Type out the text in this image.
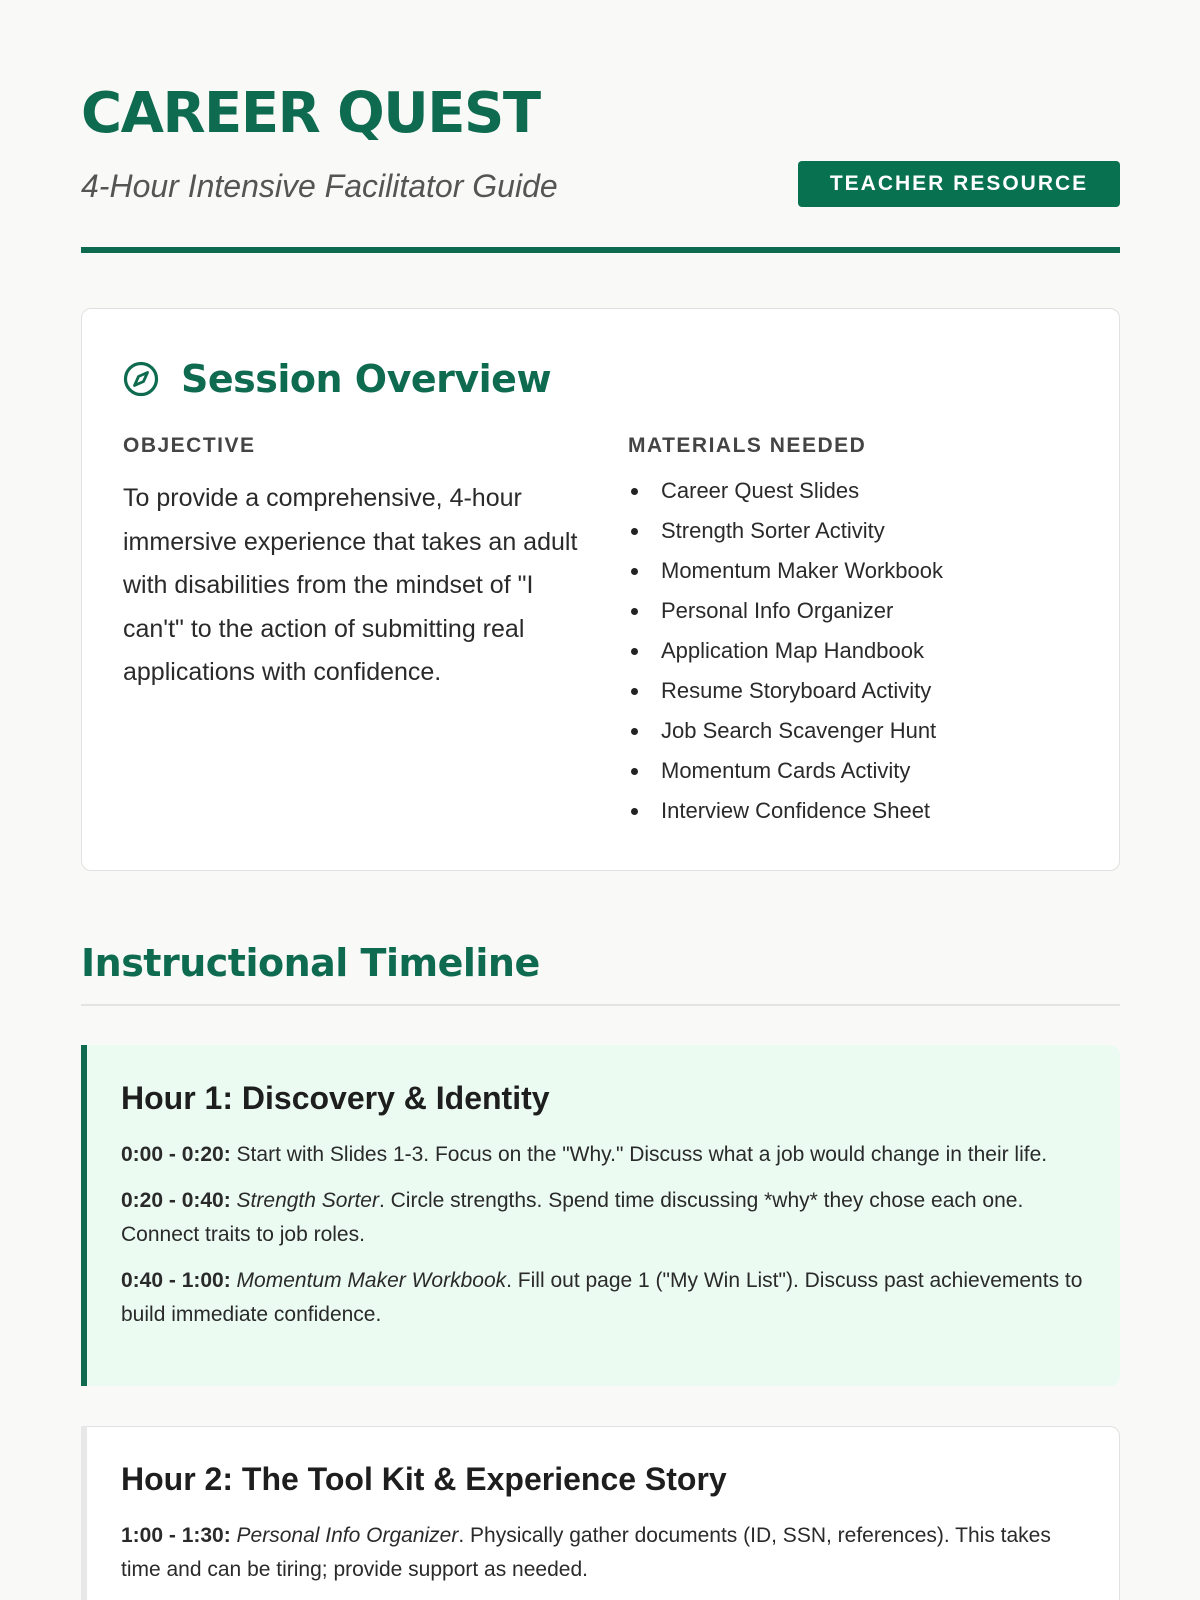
CAREER QUEST

4-Hour Intensive Facilitator Guide	TEACHER RESOURCE
Session Overview
OBJECTIVE

To provide a comprehensive, 4-hour immersive experience that takes an adult with disabilities from the mindset of "I can't" to the action of submitting real applications with confidence.

MATERIALS NEEDED
Career Quest Slides
Strength Sorter Activity
Momentum Maker Workbook
Personal Info Organizer
Application Map Handbook
Resume Storyboard Activity
Job Search Scavenger Hunt
Momentum Cards Activity
Interview Confidence Sheet
Instructional Timeline
Hour 1: Discovery & Identity

0:00 - 0:20: Start with Slides 1-3. Focus on the "Why." Discuss what a job would change in their life.

0:20 - 0:40: Strength Sorter. Circle strengths. Spend time discussing *why* they chose each one. Connect traits to job roles.

0:40 - 1:00: Momentum Maker Workbook. Fill out page 1 ("My Win List"). Discuss past achievements to build immediate confidence.

Hour 2: The Tool Kit & Experience Story

1:00 - 1:30: Personal Info Organizer. Physically gather documents (ID, SSN, references). This takes time and can be tiring; provide support as needed.
